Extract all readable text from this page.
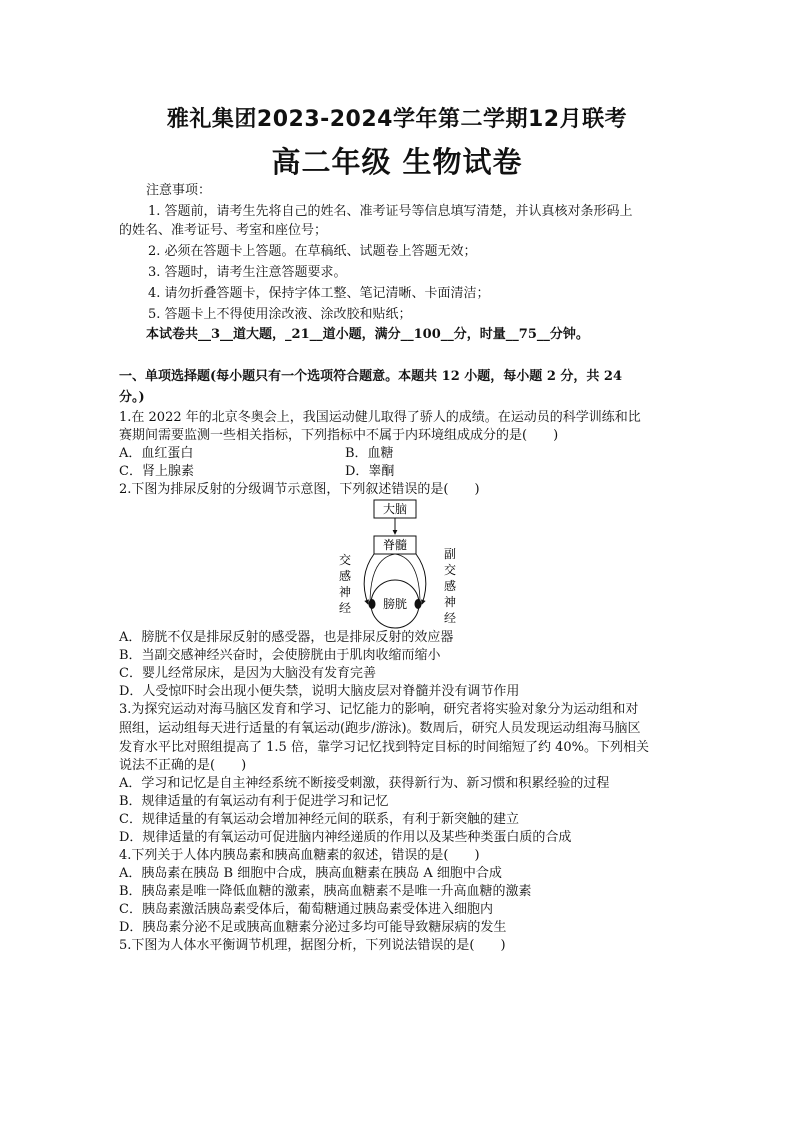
雅礼集团2023-2024学年第二学期12月联考
高二年级 生物试卷
注意事项：
1. 答题前，请考生先将自己的姓名、准考证号等信息填写清楚，并认真核对条形码上
的姓名、准考证号、考室和座位号；
2. 必须在答题卡上答题。在草稿纸、试题卷上答题无效；
3. 答题时，请考生注意答题要求。
4. 请勿折叠答题卡，保持字体工整、笔记清晰、卡面清洁；
5. 答题卡上不得使用涂改液、涂改胶和贴纸；
本试卷共__3__道大题，_21__道小题，满分__100__分，时量__75__分钟。
一、单项选择题(每小题只有一个选项符合题意。本题共 12 小题，每小题 2 分，共 24
分。)
1.在 2022 年的北京冬奥会上，我国运动健儿取得了骄人的成绩。在运动员的科学训练和比
赛期间需要监测一些相关指标，下列指标中不属于内环境组成成分的是(　　)
A．血红蛋白	B．血糖
C．肾上腺素	D．睾酮
2.下图为排尿反射的分级调节示意图，下列叙述错误的是(　　)
大脑
脊髓
膀胱
交
感
神
经
副
交
感
神
经
A．膀胱不仅是排尿反射的感受器，也是排尿反射的效应器
B．当副交感神经兴奋时，会使膀胱由于肌肉收缩而缩小
C．婴儿经常尿床，是因为大脑没有发育完善
D．人受惊吓时会出现小便失禁，说明大脑皮层对脊髓并没有调节作用
3.为探究运动对海马脑区发育和学习、记忆能力的影响，研究者将实验对象分为运动组和对
照组，运动组每天进行适量的有氧运动(跑步/游泳)。数周后，研究人员发现运动组海马脑区
发育水平比对照组提高了 1.5 倍，靠学习记忆找到特定目标的时间缩短了约 40%。下列相关
说法不正确的是(　　)
A．学习和记忆是自主神经系统不断接受刺激，获得新行为、新习惯和积累经验的过程
B．规律适量的有氧运动有利于促进学习和记忆
C．规律适量的有氧运动会增加神经元间的联系，有利于新突触的建立
D．规律适量的有氧运动可促进脑内神经递质的作用以及某些种类蛋白质的合成
4.下列关于人体内胰岛素和胰高血糖素的叙述，错误的是(　　)
A．胰岛素在胰岛 B 细胞中合成，胰高血糖素在胰岛 A 细胞中合成
B．胰岛素是唯一降低血糖的激素，胰高血糖素不是唯一升高血糖的激素
C．胰岛素激活胰岛素受体后，葡萄糖通过胰岛素受体进入细胞内
D．胰岛素分泌不足或胰高血糖素分泌过多均可能导致糖尿病的发生
5.下图为人体水平衡调节机理，据图分析，下列说法错误的是(　　)
